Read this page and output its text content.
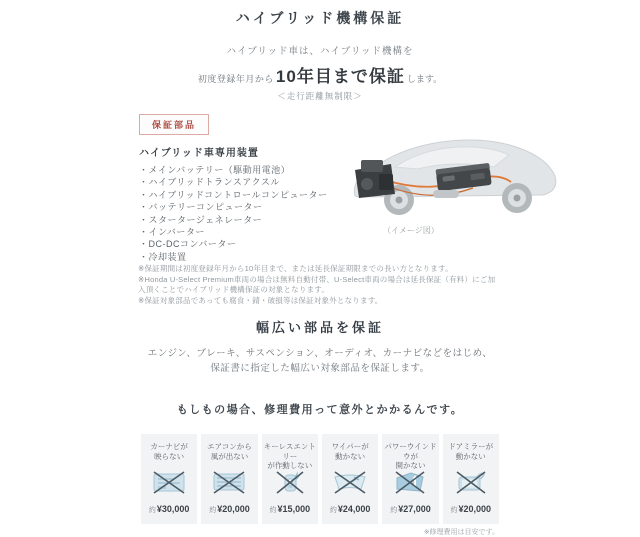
ハイブリッド機構保証
ハイブリッド車は、ハイブリッド機構を
初度登録年月から 10年目まで保証 します。
＜走行距離無制限＞
保証部品
ハイブリッド車専用装置
・メインバッテリー（駆動用電池）
・ハイブリッドトランスアクスル
・ハイブリッドコントロールコンピューター
・バッテリーコンピューター
・スタータージェネレーター
・インバーター
・DC-DCコンバーター
・冷却装置
（イメージ図）
※保証期間は初度登録年月から10年目まで、または延長保証期限までの長い方となります。
※Honda U-Select Premium車両の場合は無料自動付帯、U-Select車両の場合は延長保証（有料）にご加入頂くことでハイブリッド機構保証の対象となります。
※保証対象部品であっても腐食・錆・破損等は保証対象外となります。
幅広い部品を保証
エンジン、ブレーキ、サスペンション、オーディオ、カーナビなどをはじめ、
保証書に指定した幅広い対象部品を保証します。
もしもの場合、修理費用って意外とかかるんです。
カーナビが
映らない
約¥30,000
エアコンから
風が出ない
約¥20,000
キーレスエントリー
が作動しない
約¥15,000
ワイパーが
動かない
約¥24,000
パワーウインドウが
開かない
約¥27,000
ドアミラーが
動かない
約¥20,000
※修理費用は目安です。
